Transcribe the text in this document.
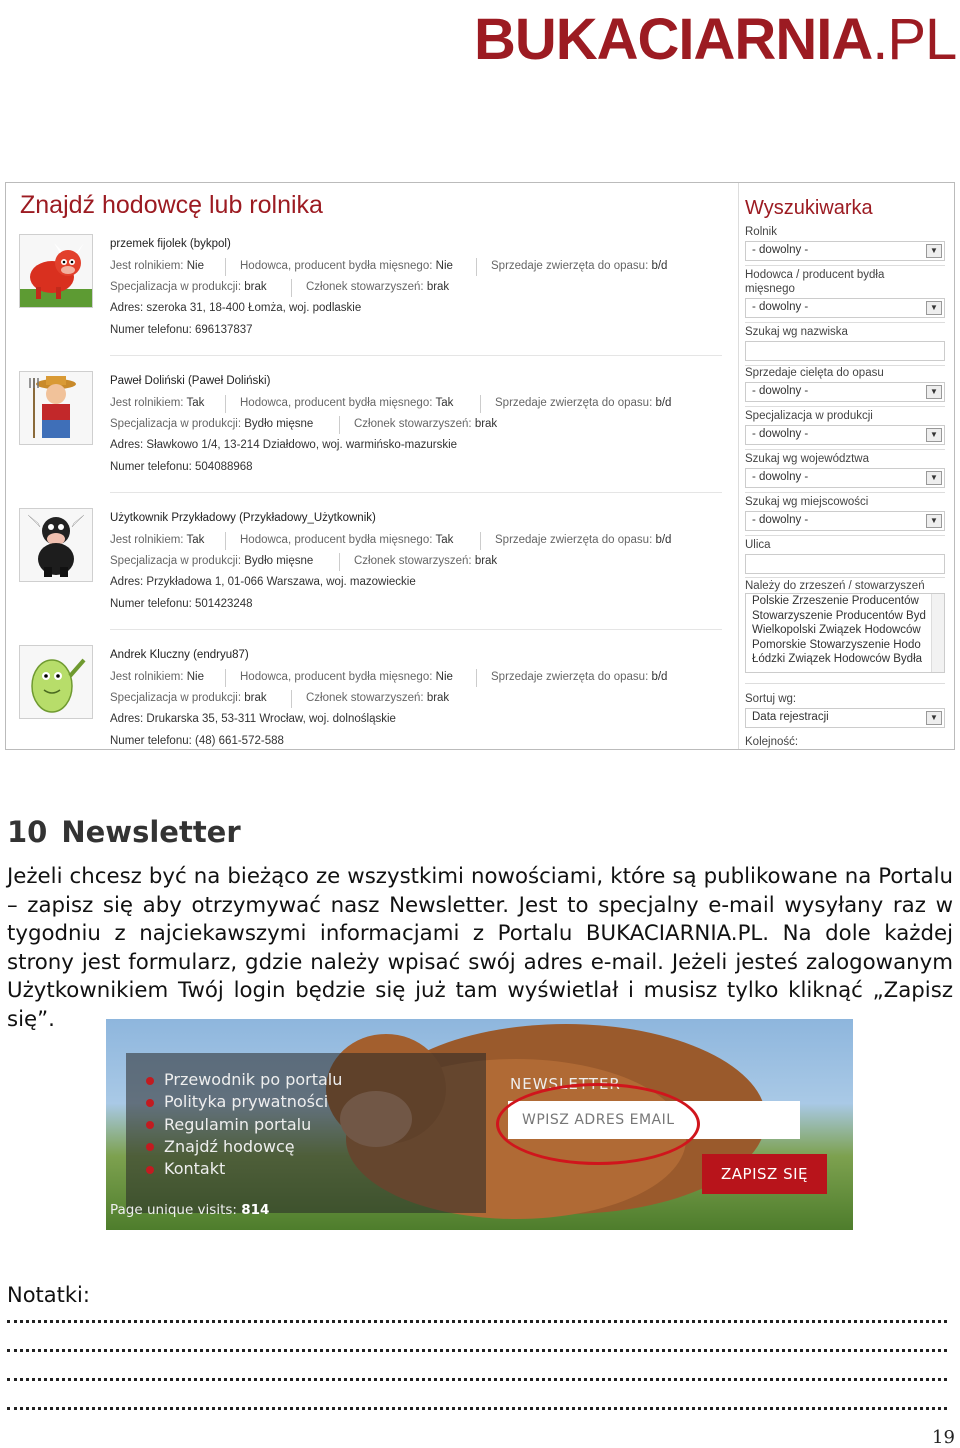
BUKACIARNIA.PL
Znajdź hodowcę lub rolnika
przemek fijolek (bykpol)
Jest rolnikiem: Nie	Hodowca, producent bydła mięsnego: Nie	Sprzedaje zwierzęta do opasu: b/d
Specjalizacja w produkcji: brak	Członek stowarzyszeń: brak
Adres: szeroka 31, 18-400 Łomża, woj. podlaskie
Numer telefonu: 696137837
Paweł Doliński (Paweł Doliński)
Jest rolnikiem: Tak	Hodowca, producent bydła mięsnego: Tak	Sprzedaje zwierzęta do opasu: b/d
Specjalizacja w produkcji: Bydło mięsne	Członek stowarzyszeń: brak
Adres: Sławkowo 1/4, 13-214 Działdowo, woj. warmińsko-mazurskie
Numer telefonu: 504088968
Użytkownik Przykładowy (Przykładowy_Użytkownik)
Jest rolnikiem: Tak	Hodowca, producent bydła mięsnego: Tak	Sprzedaje zwierzęta do opasu: b/d
Specjalizacja w produkcji: Bydło mięsne	Członek stowarzyszeń: brak
Adres: Przykładowa 1, 01-066 Warszawa, woj. mazowieckie
Numer telefonu: 501423248
Andrek Kluczny (endryu87)
Jest rolnikiem: Nie	Hodowca, producent bydła mięsnego: Nie	Sprzedaje zwierzęta do opasu: b/d
Specjalizacja w produkcji: brak	Członek stowarzyszeń: brak
Adres: Drukarska 35, 53-311 Wrocław, woj. dolnośląskie
Numer telefonu: (48) 661-572-588
Wyszukiwarka
Rolnik
- dowolny -	▼
Hodowca / producent bydła
mięsnego
- dowolny -	▼
Szukaj wg nazwiska
Sprzedaje cielęta do opasu
- dowolny -	▼
Specjalizacja w produkcji
- dowolny -	▼
Szukaj wg województwa
- dowolny -	▼
Szukaj wg miejscowości
- dowolny -	▼
Ulica
Należy do zrzeszeń / stowarzyszeń
Polskie Zrzeszenie Producentów
Stowarzyszenie Producentów Byd
Wielkopolski Związek Hodowców
Pomorskie Stowarzyszenie Hodo
Łódzki Związek Hodowców Bydła
Sortuj wg:
Data rejestracji	▼
Kolejność:
10 Newsletter
Jeżeli chcesz być na bieżąco ze wszystkimi nowościami, które są publikowane na Portalu – zapisz się aby otrzymywać nasz Newsletter. Jest to specjalny e-mail wysyłany raz w tygodniu z najciekawszymi informacjami z Portalu BUKACIARNIA.PL. Na dole każdej strony jest formularz, gdzie należy wpisać swój adres e-mail. Jeżeli jesteś zalogowanym Użytkownikiem Twój login będzie się już tam wyświetlał i musisz tylko kliknąć „Zapisz się”.
Przewodnik po portalu
Polityka prywatności
Regulamin portalu
Znajdź hodowcę
Kontakt
Page unique visits: 814
NEWSLETTER
WPISZ ADRES EMAIL
ZAPISZ SIĘ
Notatki:
19
